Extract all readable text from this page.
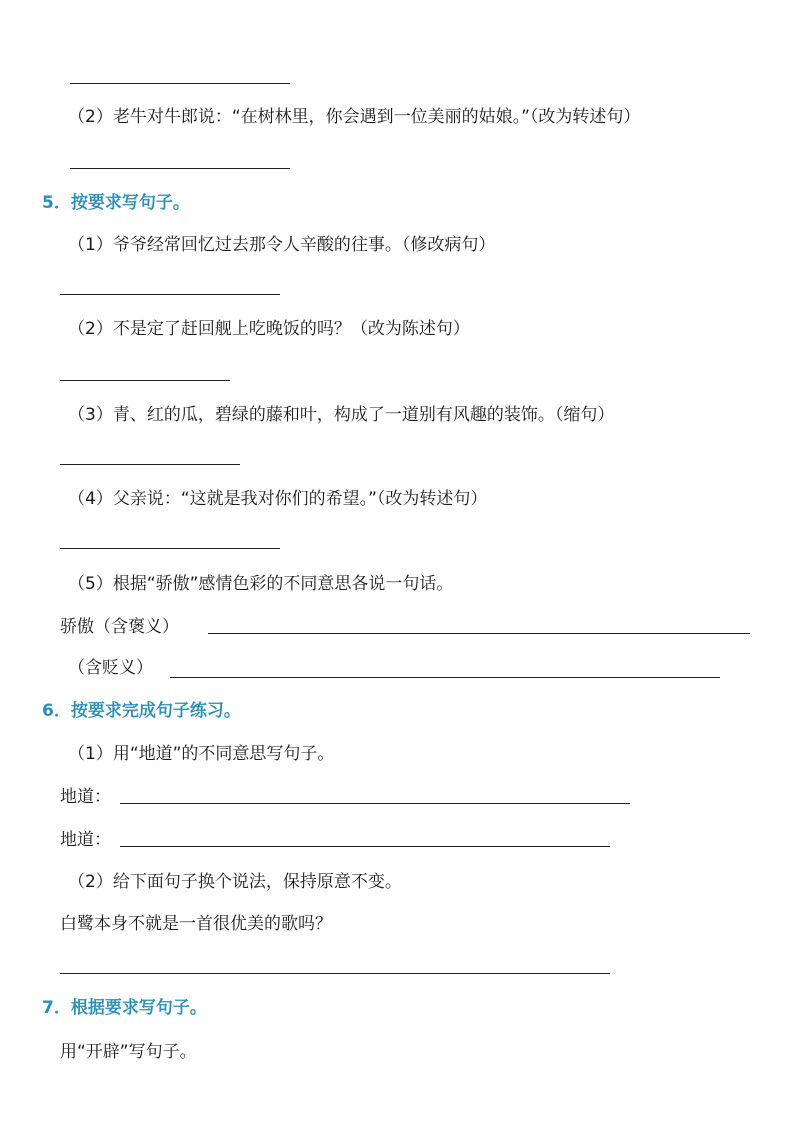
（2）老牛对牛郎说：“在树林里，你会遇到一位美丽的姑娘。”（改为转述句）
5．按要求写句子。
（1）爷爷经常回忆过去那令人辛酸的往事。（修改病句）
（2）不是定了赶回舰上吃晚饭的吗？（改为陈述句）
（3）青、红的瓜，碧绿的藤和叶，构成了一道别有风趣的装饰。（缩句）
（4）父亲说：“这就是我对你们的希望。”（改为转述句）
（5）根据“骄傲”感情色彩的不同意思各说一句话。
骄傲（含褒义）
（含贬义）
6．按要求完成句子练习。
（1）用“地道”的不同意思写句子。
地道：
地道：
（2）给下面句子换个说法，保持原意不变。
白鹭本身不就是一首很优美的歌吗？
7．根据要求写句子。
用“开辟”写句子。
